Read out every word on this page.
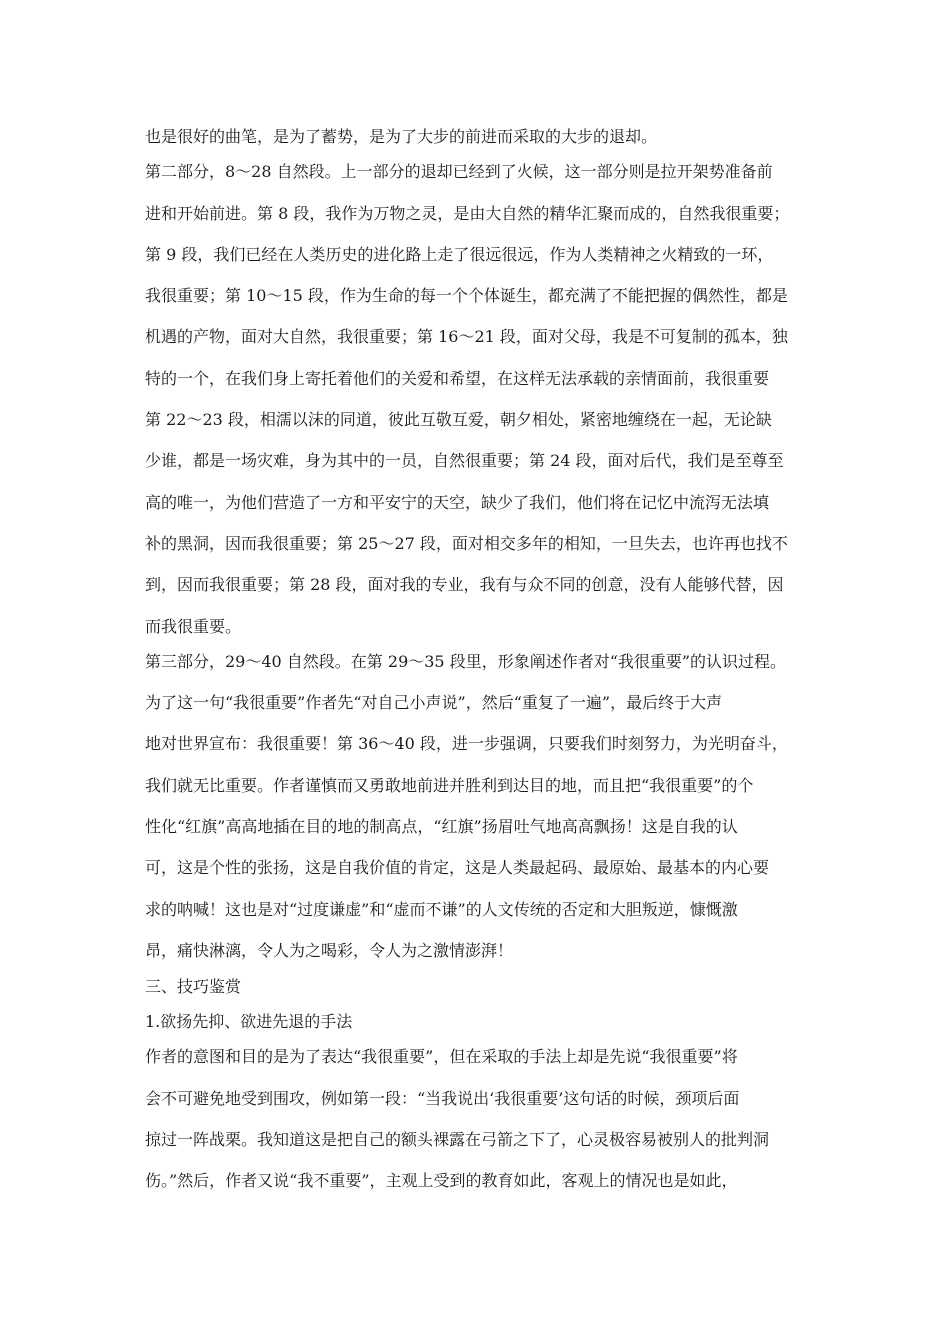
也是很好的曲笔，是为了蓄势，是为了大步的前进而采取的大步的退却。
第二部分，8～28 自然段。上一部分的退却已经到了火候，这一部分则是拉开架势准备前
进和开始前进。第 8 段，我作为万物之灵，是由大自然的精华汇聚而成的，自然我很重要；
第 9 段，我们已经在人类历史的进化路上走了很远很远，作为人类精神之火精致的一环，
我很重要；第 10～15 段，作为生命的每一个个体诞生，都充满了不能把握的偶然性，都是
机遇的产物，面对大自然，我很重要；第 16～21 段，面对父母，我是不可复制的孤本，独
特的一个，在我们身上寄托着他们的关爱和希望，在这样无法承载的亲情面前，我很重要
第 22～23 段，相濡以沫的同道，彼此互敬互爱，朝夕相处，紧密地缠绕在一起，无论缺
少谁，都是一场灾难，身为其中的一员，自然很重要；第 24 段，面对后代，我们是至尊至
高的唯一，为他们营造了一方和平安宁的天空，缺少了我们，他们将在记忆中流泻无法填
补的黑洞，因而我很重要；第 25～27 段，面对相交多年的相知，一旦失去，也许再也找不
到，因而我很重要；第 28 段，面对我的专业，我有与众不同的创意，没有人能够代替，因
而我很重要。
第三部分，29～40 自然段。在第 29～35 段里，形象阐述作者对“我很重要”的认识过程。
为了这一句“我很重要”作者先“对自己小声说”，然后“重复了一遍”，最后终于大声
地对世界宣布：我很重要！第 36～40 段，进一步强调，只要我们时刻努力，为光明奋斗，
我们就无比重要。作者谨慎而又勇敢地前进并胜利到达目的地，而且把“我很重要”的个
性化“红旗”高高地插在目的地的制高点，“红旗”扬眉吐气地高高飘扬！这是自我的认
可，这是个性的张扬，这是自我价值的肯定，这是人类最起码、最原始、最基本的内心要
求的呐喊！这也是对“过度谦虚”和“虚而不谦”的人文传统的否定和大胆叛逆，慷慨激
昂，痛快淋漓，令人为之喝彩，令人为之激情澎湃！
三、技巧鉴赏
1.欲扬先抑、欲进先退的手法
作者的意图和目的是为了表达“我很重要”，但在采取的手法上却是先说“我很重要”将
会不可避免地受到围攻，例如第一段：“当我说出‘我很重要’这句话的时候，颈项后面
掠过一阵战栗。我知道这是把自己的额头裸露在弓箭之下了，心灵极容易被别人的批判洞
伤。”然后，作者又说“我不重要”，主观上受到的教育如此，客观上的情况也是如此，
